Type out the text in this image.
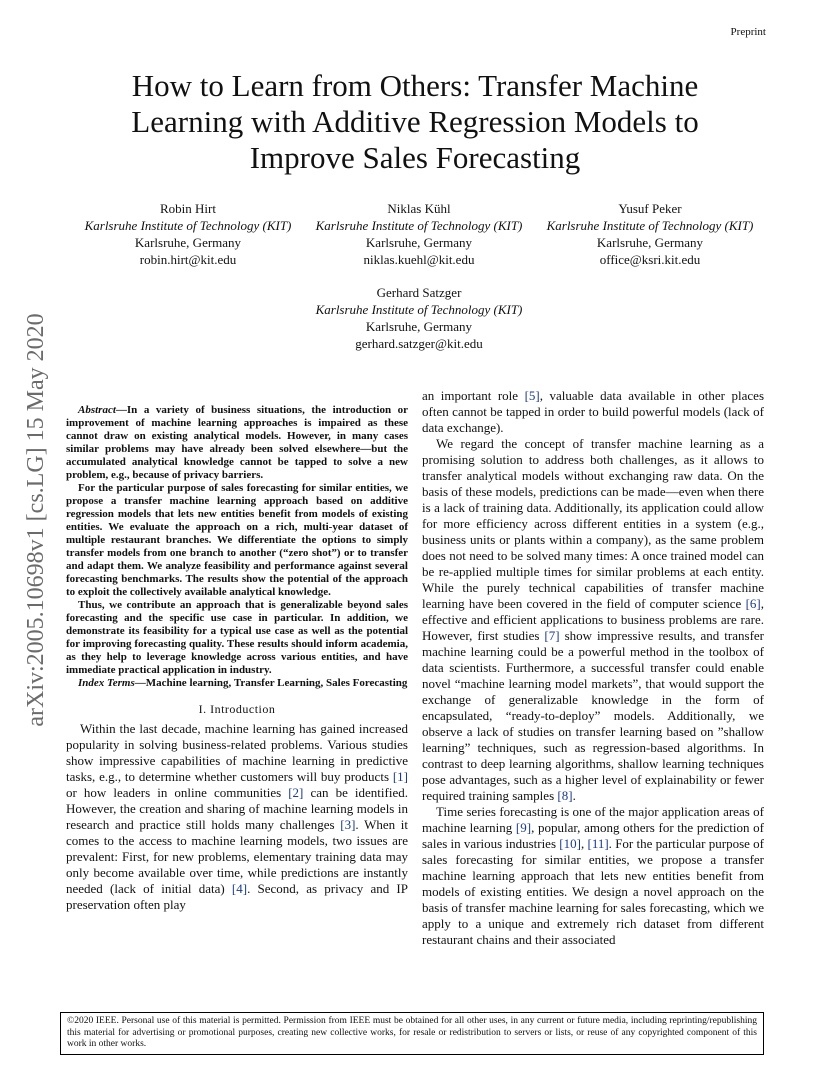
Preprint
arXiv:2005.10698v1 [cs.LG] 15 May 2020
How to Learn from Others: Transfer Machine
Learning with Additive Regression Models to
Improve Sales Forecasting
Robin Hirt
Karlsruhe Institute of Technology (KIT)
Karlsruhe, Germany
robin.hirt@kit.edu
Niklas Kühl
Karlsruhe Institute of Technology (KIT)
Karlsruhe, Germany
niklas.kuehl@kit.edu
Yusuf Peker
Karlsruhe Institute of Technology (KIT)
Karlsruhe, Germany
office@ksri.kit.edu
Gerhard Satzger
Karlsruhe Institute of Technology (KIT)
Karlsruhe, Germany
gerhard.satzger@kit.edu

Abstract—In a variety of business situations, the introduction or improvement of machine learning approaches is impaired as these cannot draw on existing analytical models. However, in many cases similar problems may have already been solved elsewhere—but the accumulated analytical knowledge cannot be tapped to solve a new problem, e.g., because of privacy barriers.

For the particular purpose of sales forecasting for similar entities, we propose a transfer machine learning approach based on additive regression models that lets new entities benefit from models of existing entities. We evaluate the approach on a rich, multi-year dataset of multiple restaurant branches. We differentiate the options to simply transfer models from one branch to another (“zero shot”) or to transfer and adapt them. We analyze feasibility and performance against several forecasting benchmarks. The results show the potential of the approach to exploit the collectively available analytical knowledge.

Thus, we contribute an approach that is generalizable beyond sales forecasting and the specific use case in particular. In addition, we demonstrate its feasibility for a typical use case as well as the potential for improving forecasting quality. These results should inform academia, as they help to leverage knowledge across various entities, and have immediate practical application in industry.

Index Terms—Machine learning, Transfer Learning, Sales Forecasting

I. Introduction

Within the last decade, machine learning has gained increased popularity in solving business-related problems. Various studies show impressive capabilities of machine learning in predictive tasks, e.g., to determine whether customers will buy products [1] or how leaders in online communities [2] can be identified. However, the creation and sharing of machine learning models in research and practice still holds many challenges [3]. When it comes to the access to machine learning models, two issues are prevalent: First, for new problems, elementary training data may only become available over time, while predictions are instantly needed (lack of initial data) [4]. Second, as privacy and IP preservation often play

an important role [5], valuable data available in other places often cannot be tapped in order to build powerful models (lack of data exchange).

We regard the concept of transfer machine learning as a promising solution to address both challenges, as it allows to transfer analytical models without exchanging raw data. On the basis of these models, predictions can be made—even when there is a lack of training data. Additionally, its application could allow for more efficiency across different entities in a system (e.g., business units or plants within a company), as the same problem does not need to be solved many times: A once trained model can be re-applied multiple times for similar problems at each entity. While the purely technical capabilities of transfer machine learning have been covered in the field of computer science [6], effective and efficient applications to business problems are rare. However, first studies [7] show impressive results, and transfer machine learning could be a powerful method in the toolbox of data scientists. Furthermore, a successful transfer could enable novel “machine learning model markets”, that would support the exchange of generalizable knowledge in the form of encapsulated, “ready-to-deploy” models. Additionally, we observe a lack of studies on transfer learning based on ”shallow learning” techniques, such as regression-based algorithms. In contrast to deep learning algorithms, shallow learning techniques pose advantages, such as a higher level of explainability or fewer required training samples [8].

Time series forecasting is one of the major application areas of machine learning [9], popular, among others for the prediction of sales in various industries [10], [11]. For the particular purpose of sales forecasting for similar entities, we propose a transfer machine learning approach that lets new entities benefit from models of existing entities. We design a novel approach on the basis of transfer machine learning for sales forecasting, which we apply to a unique and extremely rich dataset from different restaurant chains and their associated

©2020 IEEE. Personal use of this material is permitted. Permission from IEEE must be obtained for all other uses, in any current or future media, including reprinting/republishing this material for advertising or promotional purposes, creating new collective works, for resale or redistribution to servers or lists, or reuse of any copyrighted component of this work in other works.
